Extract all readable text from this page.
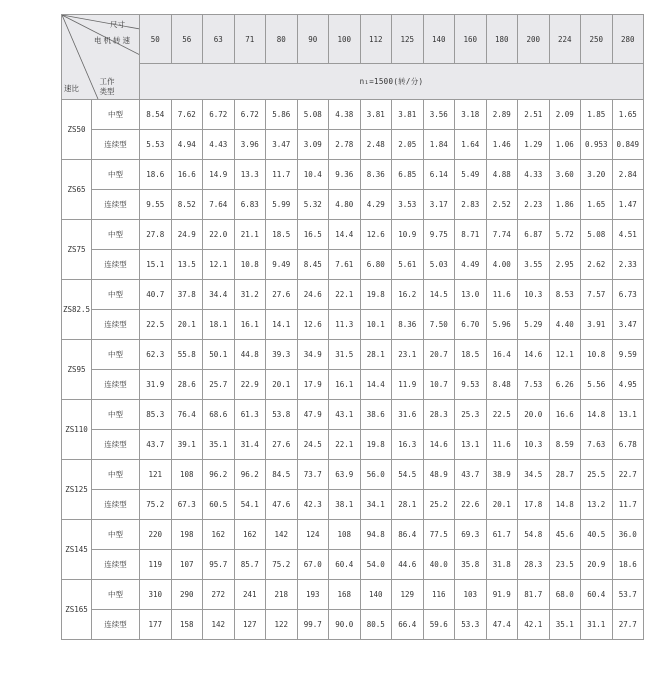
尺寸
电机转速
工作类型
速比		50	56	63	71	80	90	100	112	125	140	160	180	200	224	250	280
		n₁=1500(转/分)															
ZS50	中型	8.54	7.62	6.72	6.72	5.86	5.08	4.38	3.81	3.81	3.56	3.18	2.89	2.51	2.09	1.85	1.65
	连续型	5.53	4.94	4.43	3.96	3.47	3.09	2.78	2.48	2.05	1.84	1.64	1.46	1.29	1.06	0.953	0.849
ZS65	中型	18.6	16.6	14.9	13.3	11.7	10.4	9.36	8.36	6.85	6.14	5.49	4.88	4.33	3.60	3.20	2.84
	连续型	9.55	8.52	7.64	6.83	5.99	5.32	4.80	4.29	3.53	3.17	2.83	2.52	2.23	1.86	1.65	1.47
ZS75	中型	27.8	24.9	22.0	21.1	18.5	16.5	14.4	12.6	10.9	9.75	8.71	7.74	6.87	5.72	5.08	4.51
	连续型	15.1	13.5	12.1	10.8	9.49	8.45	7.61	6.80	5.61	5.03	4.49	4.00	3.55	2.95	2.62	2.33
ZS82.5	中型	40.7	37.8	34.4	31.2	27.6	24.6	22.1	19.8	16.2	14.5	13.0	11.6	10.3	8.53	7.57	6.73
	连续型	22.5	20.1	18.1	16.1	14.1	12.6	11.3	10.1	8.36	7.50	6.70	5.96	5.29	4.40	3.91	3.47
ZS95	中型	62.3	55.8	50.1	44.8	39.3	34.9	31.5	28.1	23.1	20.7	18.5	16.4	14.6	12.1	10.8	9.59
	连续型	31.9	28.6	25.7	22.9	20.1	17.9	16.1	14.4	11.9	10.7	9.53	8.48	7.53	6.26	5.56	4.95
ZS110	中型	85.3	76.4	68.6	61.3	53.8	47.9	43.1	38.6	31.6	28.3	25.3	22.5	20.0	16.6	14.8	13.1
	连续型	43.7	39.1	35.1	31.4	27.6	24.5	22.1	19.8	16.3	14.6	13.1	11.6	10.3	8.59	7.63	6.78
ZS125	中型	121	108	96.2	96.2	84.5	73.7	63.9	56.0	54.5	48.9	43.7	38.9	34.5	28.7	25.5	22.7
	连续型	75.2	67.3	60.5	54.1	47.6	42.3	38.1	34.1	28.1	25.2	22.6	20.1	17.8	14.8	13.2	11.7
ZS145	中型	220	198	162	162	142	124	108	94.8	86.4	77.5	69.3	61.7	54.8	45.6	40.5	36.0
	连续型	119	107	95.7	85.7	75.2	67.0	60.4	54.0	44.6	40.0	35.8	31.8	28.3	23.5	20.9	18.6
ZS165	中型	310	290	272	241	218	193	168	140	129	116	103	91.9	81.7	68.0	60.4	53.7
	连续型	177	158	142	127	122	99.7	90.0	80.5	66.4	59.6	53.3	47.4	42.1	35.1	31.1	27.7
